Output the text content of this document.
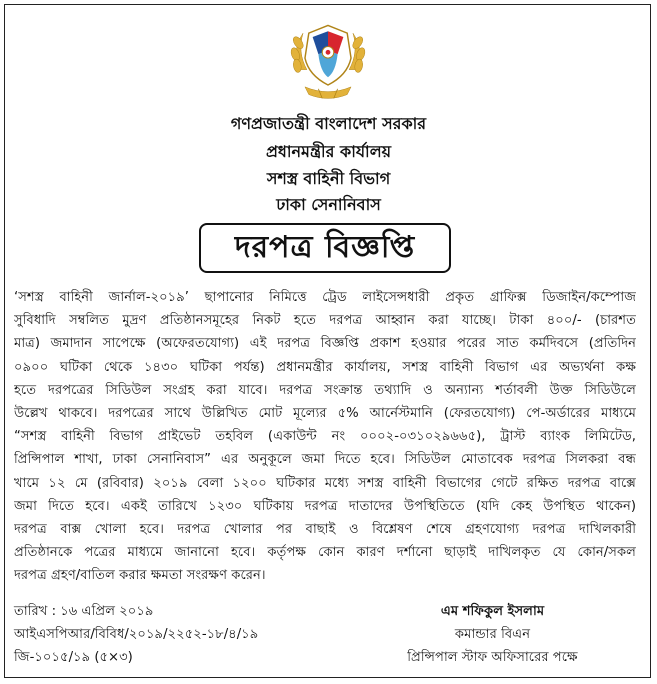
গণপ্রজাতন্ত্রী বাংলাদেশ সরকার
প্রধানমন্ত্রীর কার্যালয়
সশস্ত্র বাহিনী বিভাগ
ঢাকা সেনানিবাস
দরপত্র বিজ্ঞপ্তি
‘সশস্ত্র বাহিনী জার্নাল-২০১৯’ ছাপানোর নিমিত্তে ট্রেড লাইসেন্সধারী প্রকৃত গ্রাফিক্স ডিজাইন/কম্পোজ
সুবিধাদি সম্বলিত মুদ্রণ প্রতিষ্ঠানসমূহের নিকট হতে দরপত্র আহ্বান করা যাচ্ছে। টাকা ৪০০/- (চারশত
মাত্র) জমাদান সাপেক্ষে (অফেরতযোগ্য) এই দরপত্র বিজ্ঞপ্তি প্রকাশ হওয়ার পরের সাত কর্মদিবসে (প্রতিদিন
০৯০০ ঘটিকা থেকে ১৪৩০ ঘটিকা পর্যন্ত) প্রধানমন্ত্রীর কার্যালয়, সশস্ত্র বাহিনী বিভাগ এর অভ্যর্থনা কক্ষ
হতে দরপত্রের সিডিউল সংগ্রহ করা যাবে। দরপত্র সংক্রান্ত তথ্যাদি ও অন্যান্য শর্তাবলী উক্ত সিডিউলে
উল্লেখ থাকবে। দরপত্রের সাথে উল্লিখিত মোট মূল্যের ৫% আর্নেস্টমানি (ফেরতযোগ্য) পে-অর্ডারের মাধ্যমে
“সশস্ত্র বাহিনী বিভাগ প্রাইভেট তহবিল (একাউন্ট নং ০০০২-০৩১০২৯৬৬৫), ট্রাস্ট ব্যাংক লিমিটেড,
প্রিন্সিপাল শাখা, ঢাকা সেনানিবাস” এর অনুকূলে জমা দিতে হবে। সিডিউল মোতাবেক দরপত্র সিলকরা বন্ধ
খামে ১২ মে (রবিবার) ২০১৯ বেলা ১২০০ ঘটিকার মধ্যে সশস্ত্র বাহিনী বিভাগের গেটে রক্ষিত দরপত্র বাক্সে
জমা দিতে হবে। একই তারিখে ১২৩০ ঘটিকায় দরপত্র দাতাদের উপস্থিতিতে (যদি কেহ উপস্থিত থাকেন)
দরপত্র বাক্স খোলা হবে। দরপত্র খোলার পর বাছাই ও বিশ্লেষণ শেষে গ্রহণযোগ্য দরপত্র দাখিলকারী
প্রতিষ্ঠানকে পত্রের মাধ্যমে জানানো হবে। কর্তৃপক্ষ কোন কারণ দর্শানো ছাড়াই দাখিলকৃত যে কোন/সকল
দরপত্র গ্রহণ/বাতিল করার ক্ষমতা সংরক্ষণ করেন।
তারিখ : ১৬ এপ্রিল ২০১৯
আইএসপিআর/বিবিধ/২০১৯/২২৫২-১৮/৪/১৯
জি-১০১৫/১৯ (৫×৩)
এম শফিকুল ইসলাম
কমান্ডার বিএন
প্রিন্সিপাল স্টাফ অফিসারের পক্ষে
